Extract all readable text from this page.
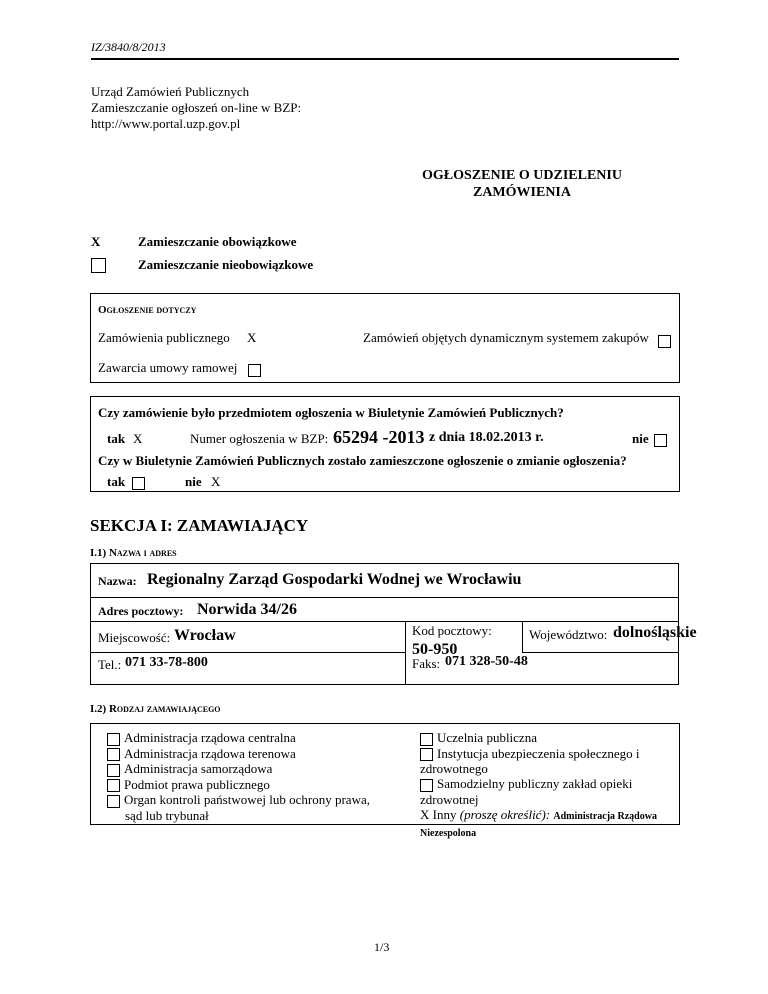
IZ/3840/8/2013
Urząd Zamówień Publicznych
Zamieszczanie ogłoszeń on-line w BZP:
http://www.portal.uzp.gov.pl
OGŁOSZENIE O UDZIELENIU
ZAMÓWIENIA
X	Zamieszczanie obowiązkowe
Zamieszczanie nieobowiązkowe
Ogłoszenie dotyczy
Zamówienia publicznego X	Zamówień objętych dynamicznym systemem zakupów
Zawarcia umowy ramowej
Czy zamówienie było przedmiotem ogłoszenia w Biuletynie Zamówień Publicznych?
tak X	Numer ogłoszenia w BZP: 65294 -2013 z dnia 18.02.2013 r.	nie
Czy w Biuletynie Zamówień Publicznych zostało zamieszczone ogłoszenie o zmianie ogłoszenia?
tak	nie X
SEKCJA I: ZAMAWIAJĄCY
I.1) Nazwa i adres
Nazwa: Regionalny Zarząd Gospodarki Wodnej we Wrocławiu
Adres pocztowy: Norwida 34/26
Miejscowość: Wrocław	Kod pocztowy:
50-950
Województwo: dolnośląskie
Tel.: 071 33-78-800	Faks: 071 328-50-48
I.2) Rodzaj zamawiającego
Administracja rządowa centralna
Administracja rządowa terenowa
Administracja samorządowa
Podmiot prawa publicznego
Organ kontroli państwowej lub ochrony prawa,
sąd lub trybunał
Uczelnia publiczna
Instytucja ubezpieczenia społecznego i zdrowotnego
Samodzielny publiczny zakład opieki zdrowotnej
X Inny (proszę określić): Administracja Rządowa Niezespolona
1/3
